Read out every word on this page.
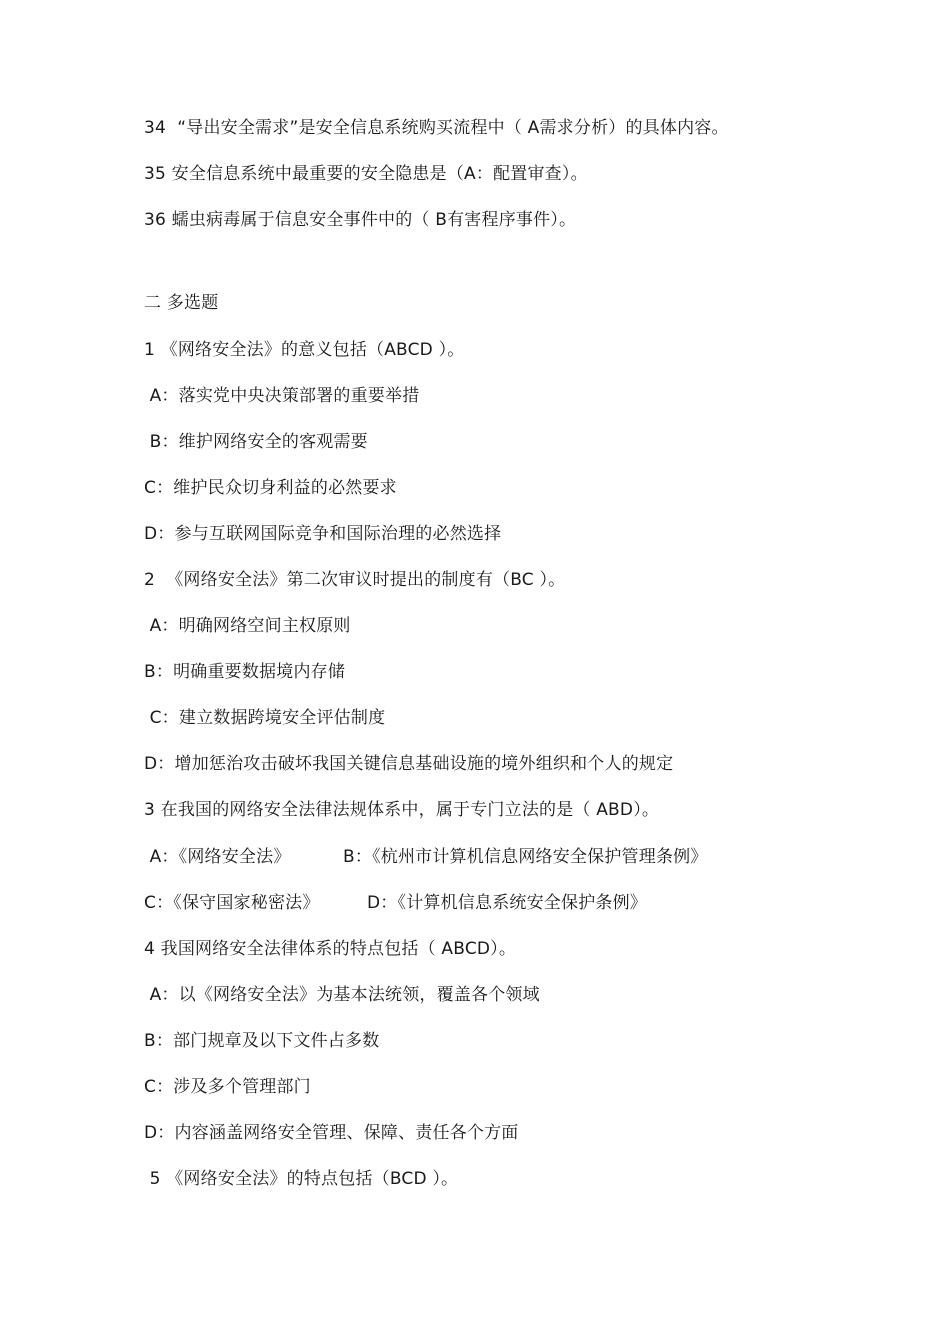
34  “导出安全需求”是安全信息系统购买流程中（ A需求分析）的具体内容。
35 安全信息系统中最重要的安全隐患是（A：配置审查）。
36 蠕虫病毒属于信息安全事件中的（ B有害程序事件）。
二 多选题
1 《网络安全法》的意义包括（ABCD ）。
A：落实党中央决策部署的重要举措
B：维护网络安全的客观需要
C：维护民众切身利益的必然要求
D：参与互联网国际竞争和国际治理的必然选择
2  《网络安全法》第二次审议时提出的制度有（BC ）。
A：明确网络空间主权原则
B：明确重要数据境内存储
C：建立数据跨境安全评估制度
D：增加惩治攻击破坏我国关键信息基础设施的境外组织和个人的规定
3 在我国的网络安全法律法规体系中，属于专门立法的是（ ABD）。
A：《网络安全法》	B：《杭州市计算机信息网络安全保护管理条例》
C：《保守国家秘密法》	D：《计算机信息系统安全保护条例》
4 我国网络安全法律体系的特点包括（ ABCD）。
A：以《网络安全法》为基本法统领，覆盖各个领域
B：部门规章及以下文件占多数
C：涉及多个管理部门
D：内容涵盖网络安全管理、保障、责任各个方面
5 《网络安全法》的特点包括（BCD ）。
